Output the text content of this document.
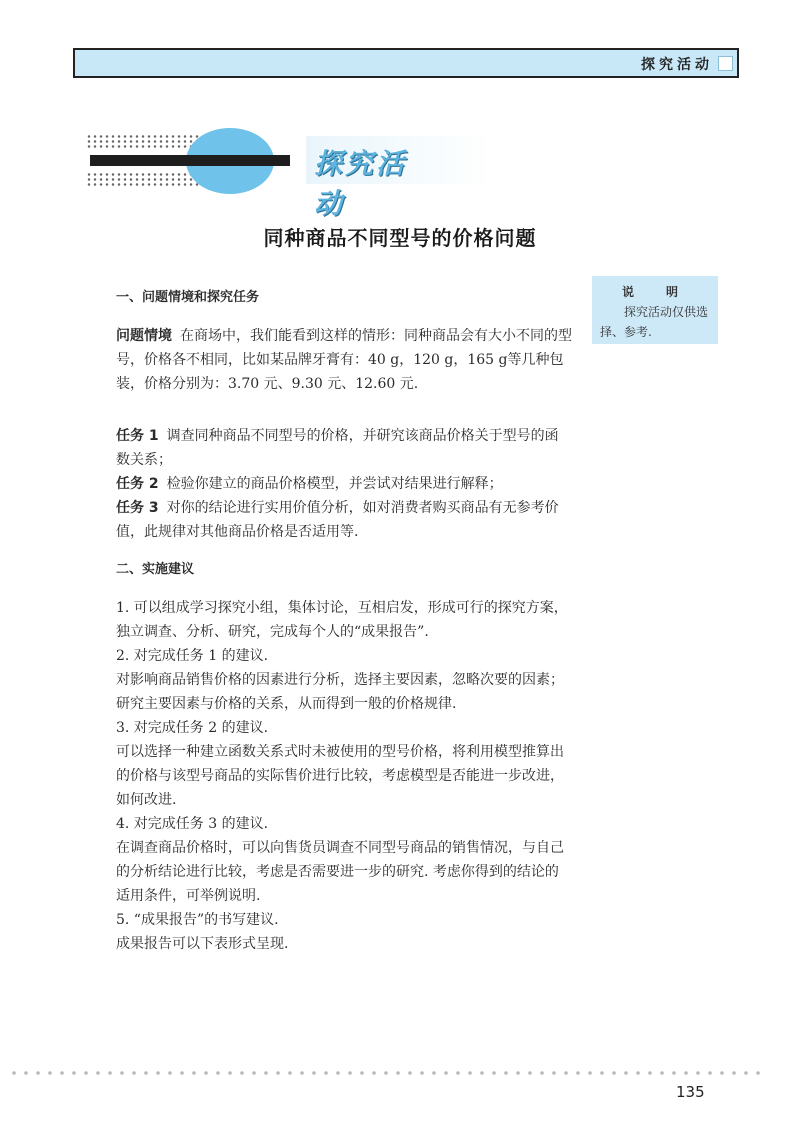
探究活动
探究活动
同种商品不同型号的价格问题
说　明
探究活动仅供选择、参考.

一、问题情境和探究任务

问题情境 在商场中，我们能看到这样的情形：同种商品会有大小不同的型号，价格各不相同，比如某品牌牙膏有：40 g，120 g，165 g等几种包装，价格分别为：3.70 元、9.30 元、12.60 元.

任务 1 调查同种商品不同型号的价格，并研究该商品价格关于型号的函数关系；

任务 2 检验你建立的商品价格模型，并尝试对结果进行解释；

任务 3 对你的结论进行实用价值分析，如对消费者购买商品有无参考价值，此规律对其他商品价格是否适用等.

二、实施建议

1. 可以组成学习探究小组，集体讨论，互相启发，形成可行的探究方案，独立调查、分析、研究，完成每个人的“成果报告”.

2. 对完成任务 1 的建议.

对影响商品销售价格的因素进行分析，选择主要因素，忽略次要的因素；研究主要因素与价格的关系，从而得到一般的价格规律.

3. 对完成任务 2 的建议.

可以选择一种建立函数关系式时未被使用的型号价格，将利用模型推算出的价格与该型号商品的实际售价进行比较，考虑模型是否能进一步改进，如何改进.

4. 对完成任务 3 的建议.

在调查商品价格时，可以向售货员调查不同型号商品的销售情况，与自己的分析结论进行比较，考虑是否需要进一步的研究. 考虑你得到的结论的适用条件，可举例说明.

5. “成果报告”的书写建议.

成果报告可以下表形式呈现.

135
